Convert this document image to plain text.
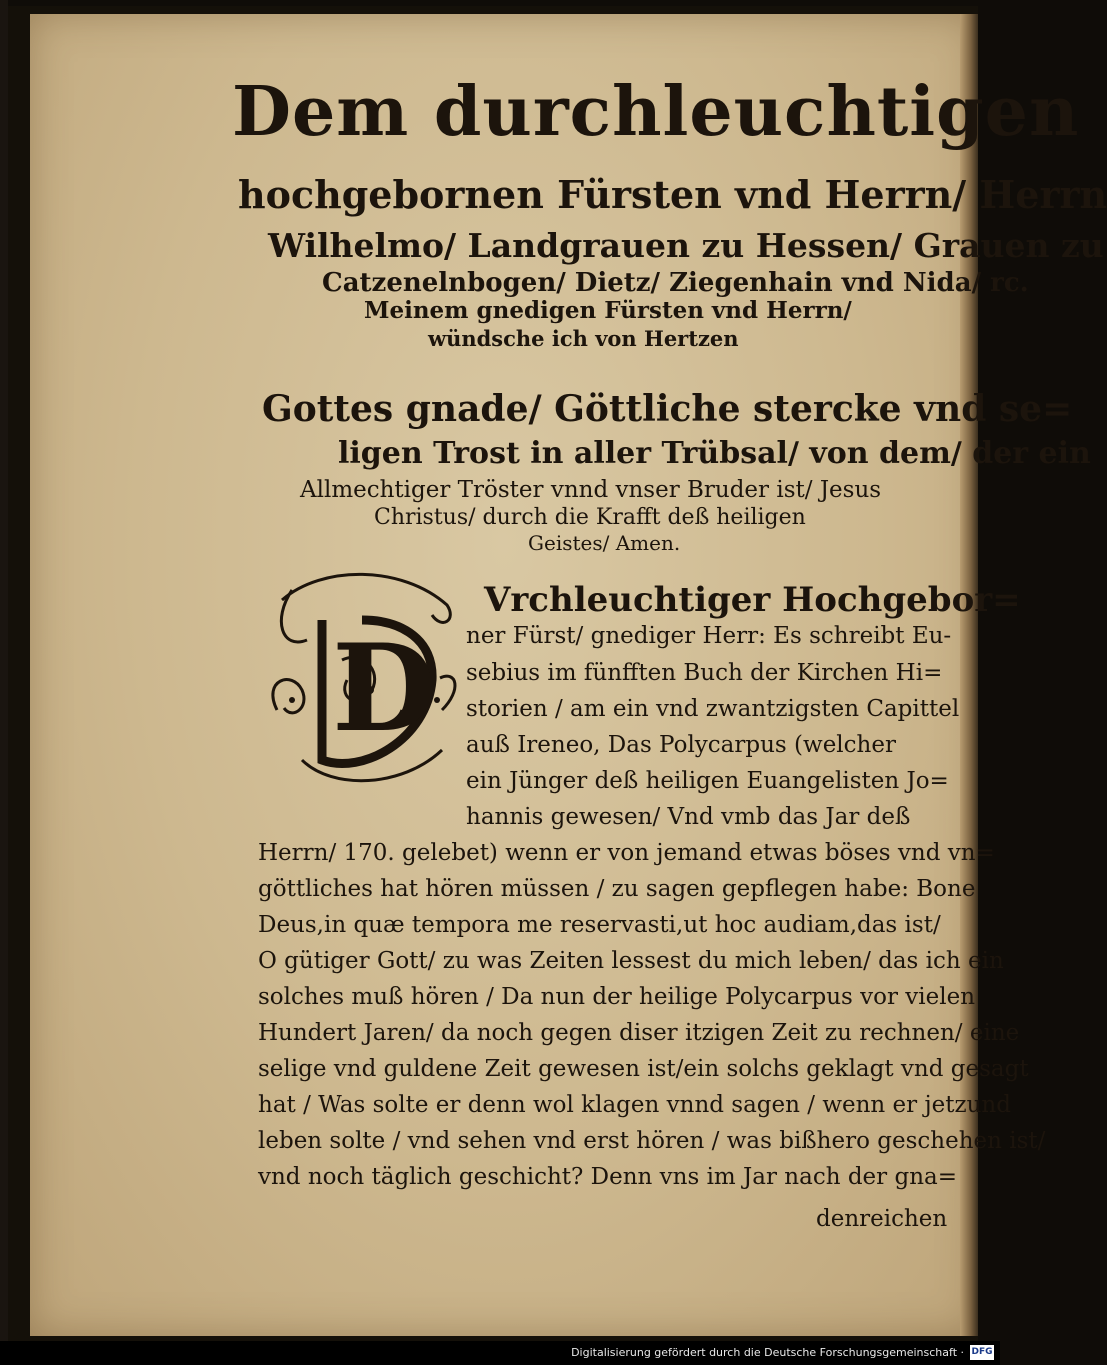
Dem durchleuchtigen
hochgebornen Fürsten vnd Herrn/ Herrn
Wilhelmo/ Landgrauen zu Hessen/ Grauen zu
Catzenelnbogen/ Dietz/ Ziegenhain vnd Nida/ rc.
Meinem gnedigen Fürsten vnd Herrn/
wündsche ich von Hertzen
Gottes gnade/ Göttliche stercke vnd se=
ligen Trost in aller Trübsal/ von dem/ der ein
Allmechtiger Tröster vnnd vnser Bruder ist/ Jesus
Christus/ durch die Krafft deß heiligen
Geistes/ Amen.
D
Vrchleuchtiger Hochgebor=
ner Fürst/ gnediger Herr: Es schreibt Eu-
sebius im fünfften Buch der Kirchen Hi=
storien / am ein vnd zwantzigsten Capittel
auß Ireneo, Das Polycarpus (welcher
ein Jünger deß heiligen Euangelisten Jo=
hannis gewesen/ Vnd vmb das Jar deß
Herrn/ 170. gelebet) wenn er von jemand etwas böses vnd vn=
göttliches hat hören müssen / zu sagen gepflegen habe: Bone
Deus,in quæ tempora me reservasti,ut hoc audiam,das ist/
O gütiger Gott/ zu was Zeiten lessest du mich leben/ das ich ein
solches muß hören / Da nun der heilige Polycarpus vor vielen
Hundert Jaren/ da noch gegen diser itzigen Zeit zu rechnen/ eine
selige vnd guldene Zeit gewesen ist/ein solchs geklagt vnd gesagt
hat / Was solte er denn wol klagen vnnd sagen / wenn er jetzund
leben solte / vnd sehen vnd erst hören / was bißhero geschehen ist/
vnd noch täglich geschicht? Denn vns im Jar nach der gna=
denreichen
Digitalisierung gefördert durch die Deutsche Forschungsgemeinschaft · DFG
